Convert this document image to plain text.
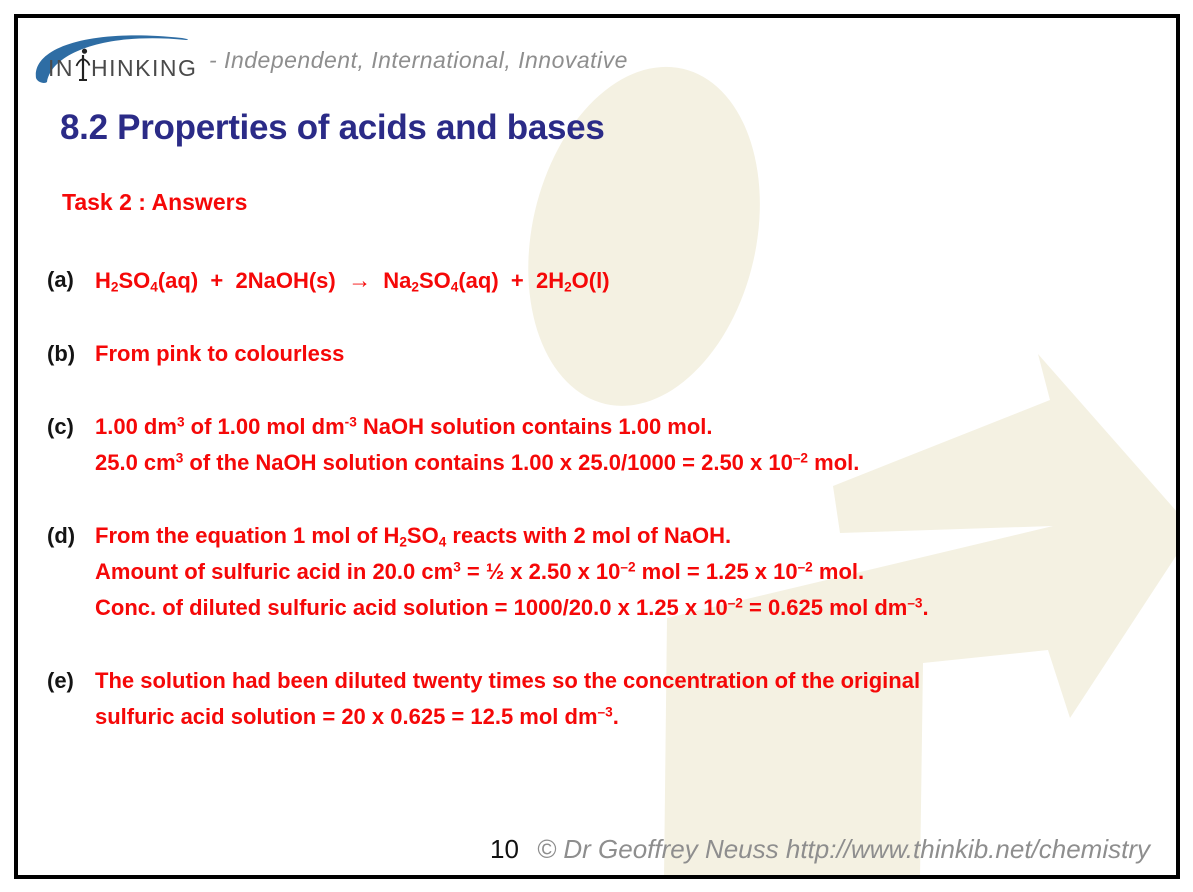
IN HINKING - Independent, International, Innovative
8.2 Properties of acids and bases
Task 2 : Answers
(a) $H_2SO_4(aq)$  +  2NaOH(s)  →  $Na_2SO_4(aq) + 2H_2O(l)$
(b) From pink to colourless
(c) 1.00 $dm^3$ of 1.00 mol $dm^{-3}$ NaOH solution contains 1.00 mol.
25.0 $cm^3$ of the NaOH solution contains 1.00 x 25.0/1000 = 2.50 x $10^{-2}$ mol.
(d) From the equation 1 mol of $H_2SO_4$ reacts with 2 mol of NaOH.
Amount of sulfuric acid in 20.0 $cm^3$ = ½ x 2.50 x $10^{-2}$ mol = 1.25 x $10^{-2}$ mol.
Conc. of diluted sulfuric acid solution = 1000/20.0 x 1.25 x $10^{-2} = 0.625$ mol $dm^{-3}$.
(e) The solution had been diluted twenty times so the concentration of the original
sulfuric acid solution = 20 x 0.625 = 12.5 mol $dm^{-3}$.
10 © Dr Geoffrey Neuss http://www.thinkib.net/chemistry
